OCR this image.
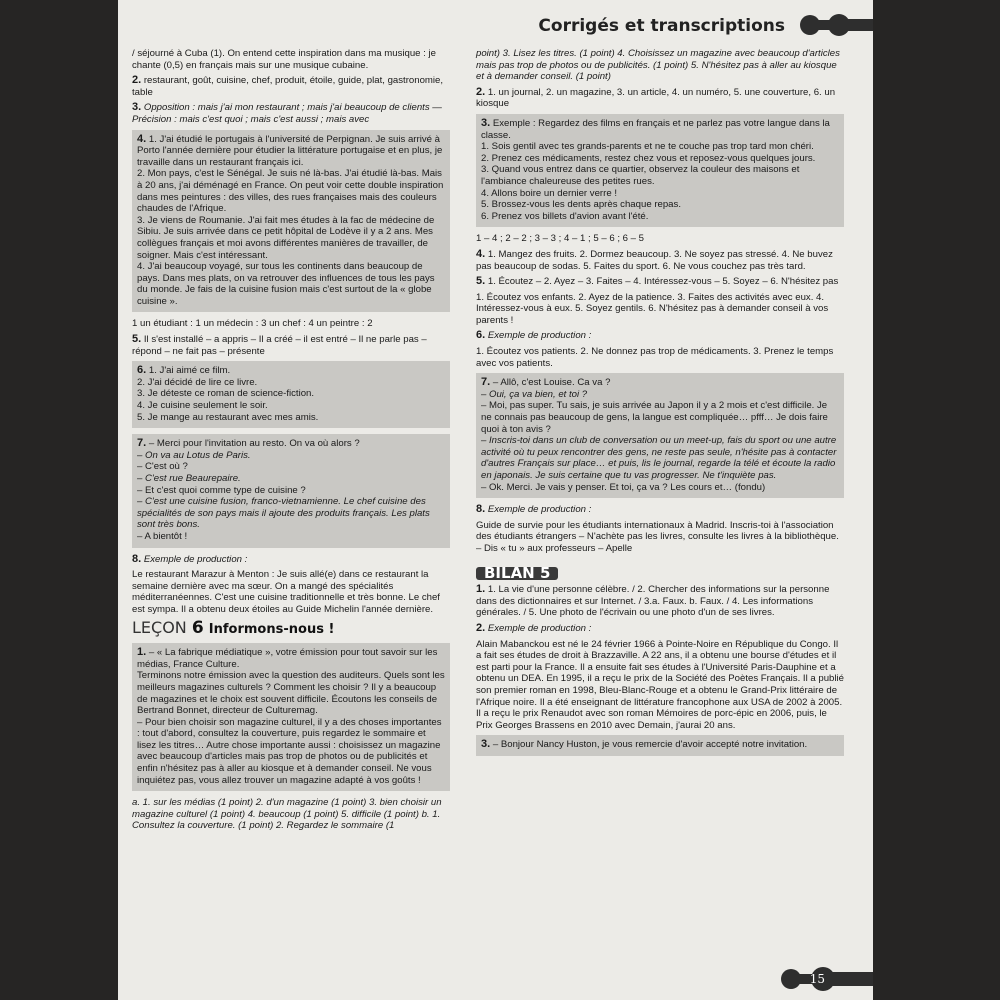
Corrigés et transcriptions

/ séjourné à Cuba (1). On entend cette inspiration dans ma musique : je chante (0,5) en français mais sur une musique cubaine.

2. restaurant, goût, cuisine, chef, produit, étoile, guide, plat, gastronomie, table

3. Opposition : mais j'ai mon restaurant ; mais j'ai beaucoup de clients — Précision : mais c'est quoi ; mais c'est aussi ; mais avec

4. 1. J'ai étudié le portugais à l'université de Perpignan. Je suis arrivé à Porto l'année dernière pour étudier la littérature portugaise et en plus, je travaille dans un restaurant français ici.

2. Mon pays, c'est le Sénégal. Je suis né là-bas. J'ai étudié là-bas. Mais à 20 ans, j'ai déménagé en France. On peut voir cette double inspiration dans mes peintures : des villes, des rues françaises mais des couleurs chaudes de l'Afrique.

3. Je viens de Roumanie. J'ai fait mes études à la fac de médecine de Sibiu. Je suis arrivée dans ce petit hôpital de Lodève il y a 2 ans. Mes collègues français et moi avons différentes manières de travailler, de soigner. Mais c'est intéressant.

4. J'ai beaucoup voyagé, sur tous les continents dans beaucoup de pays. Dans mes plats, on va retrouver des influences de tous les pays du monde. Je fais de la cuisine fusion mais c'est surtout de la « globe cuisine ».

1 un étudiant : 1 un médecin : 3 un chef : 4 un peintre : 2

5. Il s'est installé – a appris – Il a créé – il est entré – Il ne parle pas – répond – ne fait pas – présente

6. 1. J'ai aimé ce film.

2. J'ai décidé de lire ce livre.

3. Je déteste ce roman de science-fiction.

4. Je cuisine seulement le soir.

5. Je mange au restaurant avec mes amis.

7. – Merci pour l'invitation au resto. On va où alors ?

– On va au Lotus de Paris.

– C'est où ?

– C'est rue Beaurepaire.

– Et c'est quoi comme type de cuisine ?

– C'est une cuisine fusion, franco-vietnamienne. Le chef cuisine des spécialités de son pays mais il ajoute des produits français. Les plats sont très bons.

– A bientôt !

8. Exemple de production :

Le restaurant Marazur à Menton : Je suis allé(e) dans ce restaurant la semaine dernière avec ma sœur. On a mangé des spécialités méditerranéennes. C'est une cuisine traditionnelle et très bonne. Le chef est sympa. Il a obtenu deux étoiles au Guide Michelin l'année dernière.

LEÇON 6 Informons-nous !

1. – « La fabrique médiatique », votre émission pour tout savoir sur les médias, France Culture.

Terminons notre émission avec la question des auditeurs. Quels sont les meilleurs magazines culturels ? Comment les choisir ? Il y a beaucoup de magazines et le choix est souvent difficile. Écoutons les conseils de Bertrand Bonnet, directeur de Culturemag.

– Pour bien choisir son magazine culturel, il y a des choses importantes : tout d'abord, consultez la couverture, puis regardez le sommaire et lisez les titres… Autre chose importante aussi : choisissez un magazine avec beaucoup d'articles mais pas trop de photos ou de publicités et enfin n'hésitez pas à aller au kiosque et à demander conseil. Ne vous inquiétez pas, vous allez trouver un magazine adapté à vos goûts !

a. 1. sur les médias (1 point) 2. d'un magazine (1 point) 3. bien choisir un magazine culturel (1 point) 4. beaucoup (1 point) 5. difficile (1 point) b. 1. Consultez la couverture. (1 point) 2. Regardez le sommaire (1

point) 3. Lisez les titres. (1 point) 4. Choisissez un magazine avec beaucoup d'articles mais pas trop de photos ou de publicités. (1 point) 5. N'hésitez pas à aller au kiosque et à demander conseil. (1 point)

2. 1. un journal, 2. un magazine, 3. un article, 4. un numéro, 5. une couverture, 6. un kiosque

3. Exemple : Regardez des films en français et ne parlez pas votre langue dans la classe.

1. Sois gentil avec tes grands-parents et ne te couche pas trop tard mon chéri.

2. Prenez ces médicaments, restez chez vous et reposez-vous quelques jours.

3. Quand vous entrez dans ce quartier, observez la couleur des maisons et l'ambiance chaleureuse des petites rues.

4. Allons boire un dernier verre !

5. Brossez-vous les dents après chaque repas.

6. Prenez vos billets d'avion avant l'été.

1 – 4 ; 2 – 2 ; 3 – 3 ; 4 – 1 ; 5 – 6 ; 6 – 5

4. 1. Mangez des fruits. 2. Dormez beaucoup. 3. Ne soyez pas stressé. 4. Ne buvez pas beaucoup de sodas. 5. Faites du sport. 6. Ne vous couchez pas très tard.

5. 1. Écoutez – 2. Ayez – 3. Faites – 4. Intéressez-vous – 5. Soyez – 6. N'hésitez pas

1. Écoutez vos enfants. 2. Ayez de la patience. 3. Faites des activités avec eux. 4. Intéressez-vous à eux. 5. Soyez gentils. 6. N'hésitez pas à demander conseil à vos parents !

6. Exemple de production :

1. Écoutez vos patients. 2. Ne donnez pas trop de médicaments. 3. Prenez le temps avec vos patients.

7. – Allô, c'est Louise. Ca va ?

– Oui, ça va bien, et toi ?

– Moi, pas super. Tu sais, je suis arrivée au Japon il y a 2 mois et c'est difficile. Je ne connais pas beaucoup de gens, la langue est compliquée… pfff… Je dois faire quoi à ton avis ?

– Inscris-toi dans un club de conversation ou un meet-up, fais du sport ou une autre activité où tu peux rencontrer des gens, ne reste pas seule, n'hésite pas à contacter d'autres Français sur place… et puis, lis le journal, regarde la télé et écoute la radio en japonais. Je suis certaine que tu vas progresser. Ne t'inquiète pas.

– Ok. Merci. Je vais y penser. Et toi, ça va ? Les cours et… (fondu)

8. Exemple de production :

Guide de survie pour les étudiants internationaux à Madrid. Inscris-toi à l'association des étudiants étrangers – N'achète pas les livres, consulte les livres à la bibliothèque. – Dis « tu » aux professeurs – Apelle

BILAN 5

1. 1. La vie d'une personne célèbre. / 2. Chercher des informations sur la personne dans des dictionnaires et sur Internet. / 3.a. Faux. b. Faux. / 4. Les informations générales. / 5. Une photo de l'écrivain ou une photo d'un de ses livres.

2. Exemple de production :

Alain Mabanckou est né le 24 février 1966 à Pointe-Noire en République du Congo. Il a fait ses études de droit à Brazzaville. A 22 ans, il a obtenu une bourse d'études et il est parti pour la France. Il a ensuite fait ses études à l'Université Paris-Dauphine et a obtenu un DEA. En 1995, il a reçu le prix de la Société des Poètes Français. Il a publié son premier roman en 1998, Bleu-Blanc-Rouge et a obtenu le Grand-Prix littéraire de l'Afrique noire. Il a été enseignant de littérature francophone aux USA de 2002 à 2005. Il a reçu le prix Renaudot avec son roman Mémoires de porc-épic en 2006, puis, le Prix Georges Brassens en 2010 avec Demain, j'aurai 20 ans.

3. – Bonjour Nancy Huston, je vous remercie d'avoir accepté notre invitation.

15
